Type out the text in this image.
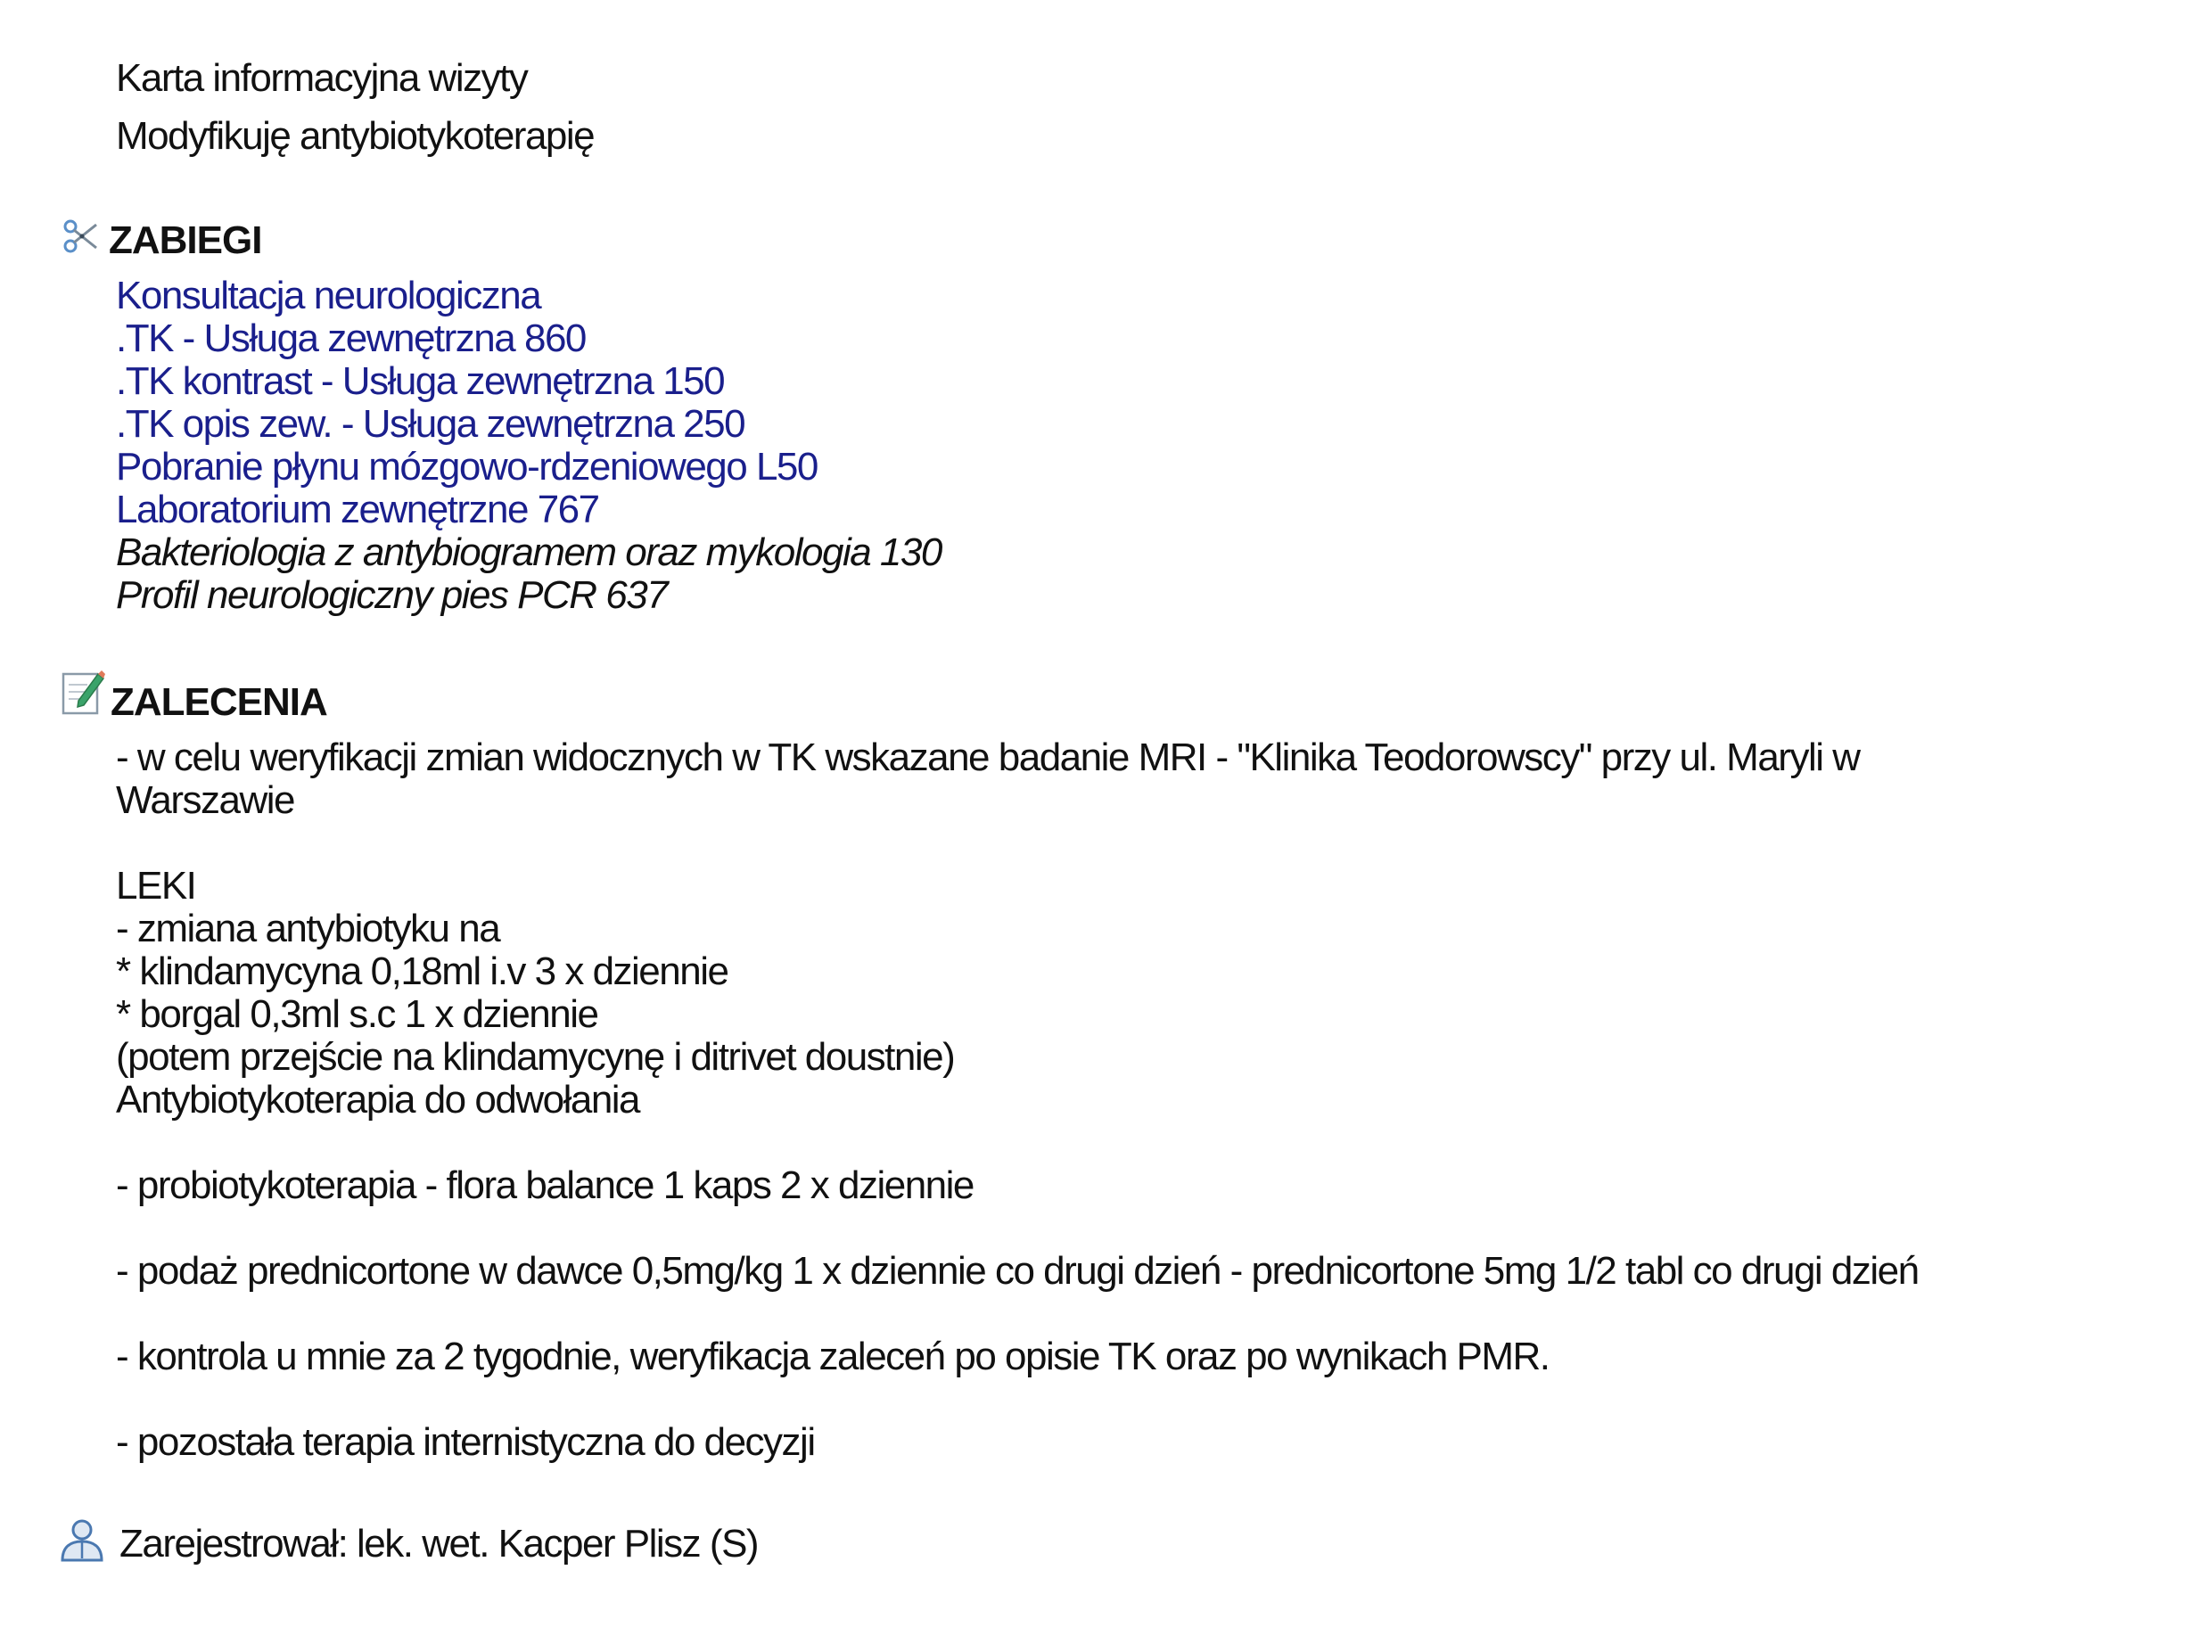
Karta informacyjna wizyty
Modyfikuję antybiotykoterapię
ZABIEGI
Konsultacja neurologiczna
.TK - Usługa zewnętrzna 860
.TK kontrast - Usługa zewnętrzna 150
.TK opis zew. - Usługa zewnętrzna 250
Pobranie płynu mózgowo-rdzeniowego L50
Laboratorium zewnętrzne 767
Bakteriologia z antybiogramem oraz mykologia 130
Profil neurologiczny pies PCR 637
ZALECENIA
- w celu weryfikacji zmian widocznych w TK wskazane badanie MRI - "Klinika Teodorowscy" przy ul. Maryli w
Warszawie
LEKI
- zmiana antybiotyku na
* klindamycyna 0,18ml i.v 3 x dziennie
* borgal 0,3ml s.c 1 x dziennie
(potem przejście na klindamycynę i ditrivet doustnie)
Antybiotykoterapia do odwołania
- probiotykoterapia - flora balance 1 kaps 2 x dziennie
- podaż prednicortone w dawce 0,5mg/kg 1 x dziennie co drugi dzień - prednicortone 5mg 1/2 tabl co drugi dzień
- kontrola u mnie za 2 tygodnie, weryfikacja zaleceń po opisie TK oraz po wynikach PMR.
- pozostała terapia internistyczna do decyzji
Zarejestrował: lek. wet. Kacper Plisz (S)
